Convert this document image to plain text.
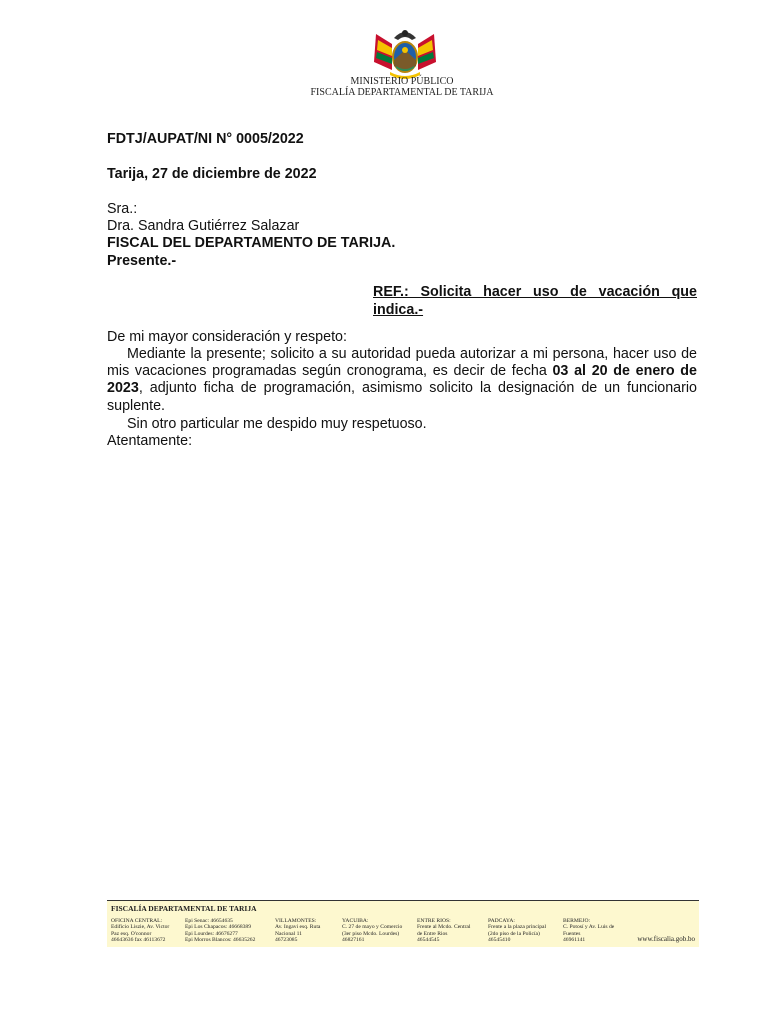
MINISTERIO PÚBLICO
FISCALÍA DEPARTAMENTAL DE TARIJA
FDTJ/AUPAT/NI N° 0005/2022
Tarija, 27 de diciembre de 2022
Sra.:
Dra. Sandra Gutiérrez Salazar
FISCAL DEL DEPARTAMENTO DE TARIJA.
Presente.-
REF.: Solicita hacer uso de vacación que indica.-
De mi mayor consideración y respeto:
Mediante la presente; solicito a su autoridad pueda autorizar a mi persona, hacer uso de mis vacaciones programadas según cronograma, es decir de fecha 03 al 20 de enero de 2023, adjunto ficha de programación, asimismo solicito la designación de un funcionario suplente.
Sin otro particular me despido muy respetuoso.
Atentamente:
FISCALÍA DEPARTAMENTAL DE TARIJA
OFICINA CENTRAL:
Edificio Liszie, Av. Victor
Paz esq. O'connor
46643636 fax 46113672
Epi Senac: 46654635
Epi Los Chapacos: 46668389
Epi Lourdes: 46676277
Epi Morros Blancos: 46635262
VILLAMONTES:
Av. Ingavi esq. Ruta
Nacional 11
46723085
YACUIBA:
C. 27 de mayo y Comercio
(3er piso Mcdo. Lourdes)
46827161
ENTRE RIOS:
Frente al Mcdo. Central
de Entre Rios
46544545
PADCAYA:
Frente a la plaza principal
(2do piso de la Policía)
46545410
BERMEJO:
C. Potosí y Av. Luis de
Fuentes
46961141	www.fiscalia.gob.bo
